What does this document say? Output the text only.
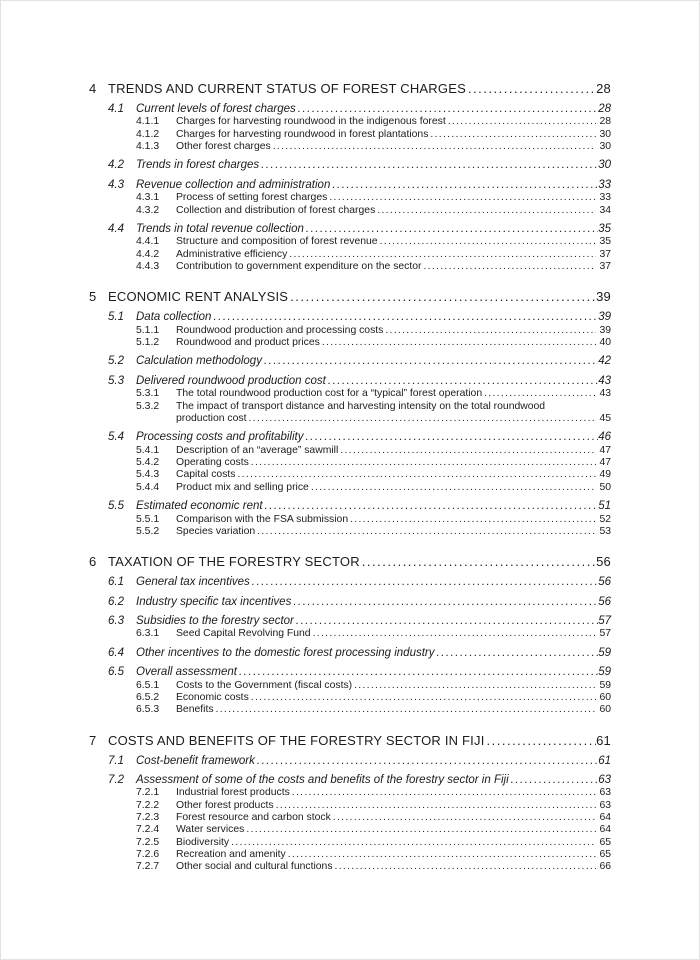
4 TRENDS AND CURRENT STATUS OF FOREST CHARGES .....	28
4.1	Current levels of forest charges .....	28
4.1.1	Charges for harvesting roundwood in the indigenous forest .....	28
4.1.2	Charges for harvesting roundwood in forest plantations .....	30
4.1.3	Other forest charges .....	30
4.2	Trends in forest charges .....	30
4.3	Revenue collection and administration .....	33
4.3.1	Process of setting forest charges .....	33
4.3.2	Collection and distribution of forest charges .....	34
4.4	Trends in total revenue collection .....	35
4.4.1	Structure and composition of forest revenue .....	35
4.4.2	Administrative efficiency .....	37
4.4.3	Contribution to government expenditure on the sector .....	37
5 ECONOMIC RENT ANALYSIS .....	39
5.1	Data collection .....	39
5.1.1	Roundwood production and processing costs .....	39
5.1.2	Roundwood and product prices .....	40
5.2	Calculation methodology .....	42
5.3	Delivered roundwood production cost .....	43
5.3.1	The total roundwood production cost for a “typical” forest operation .....	43
5.3.2	The impact of transport distance and harvesting intensity on the total roundwood
production cost .....	45
5.4	Processing costs and profitability .....	46
5.4.1	Description of an “average” sawmill .....	47
5.4.2	Operating costs .....	47
5.4.3	Capital costs .....	49
5.4.4	Product mix and selling price .....	50
5.5	Estimated economic rent .....	51
5.5.1	Comparison with the FSA submission .....	52
5.5.2	Species variation .....	53
6 TAXATION OF THE FORESTRY SECTOR .....	56
6.1	General tax incentives .....	56
6.2	Industry specific tax incentives .....	56
6.3	Subsidies to the forestry sector .....	57
6.3.1	Seed Capital Revolving Fund .....	57
6.4	Other incentives to the domestic forest processing industry .....	59
6.5	Overall assessment .....	59
6.5.1	Costs to the Government (fiscal costs) .....	59
6.5.2	Economic costs .....	60
6.5.3	Benefits .....	60
7 COSTS AND BENEFITS OF THE FORESTRY SECTOR IN FIJI .....	61
7.1	Cost-benefit framework .....	61
7.2	Assessment of some of the costs and benefits of the forestry sector in Fiji .....	63
7.2.1	Industrial forest products .....	63
7.2.2	Other forest products .....	63
7.2.3	Forest resource and carbon stock .....	64
7.2.4	Water services .....	64
7.2.5	Biodiversity .....	65
7.2.6	Recreation and amenity .....	65
7.2.7	Other social and cultural functions .....	66
